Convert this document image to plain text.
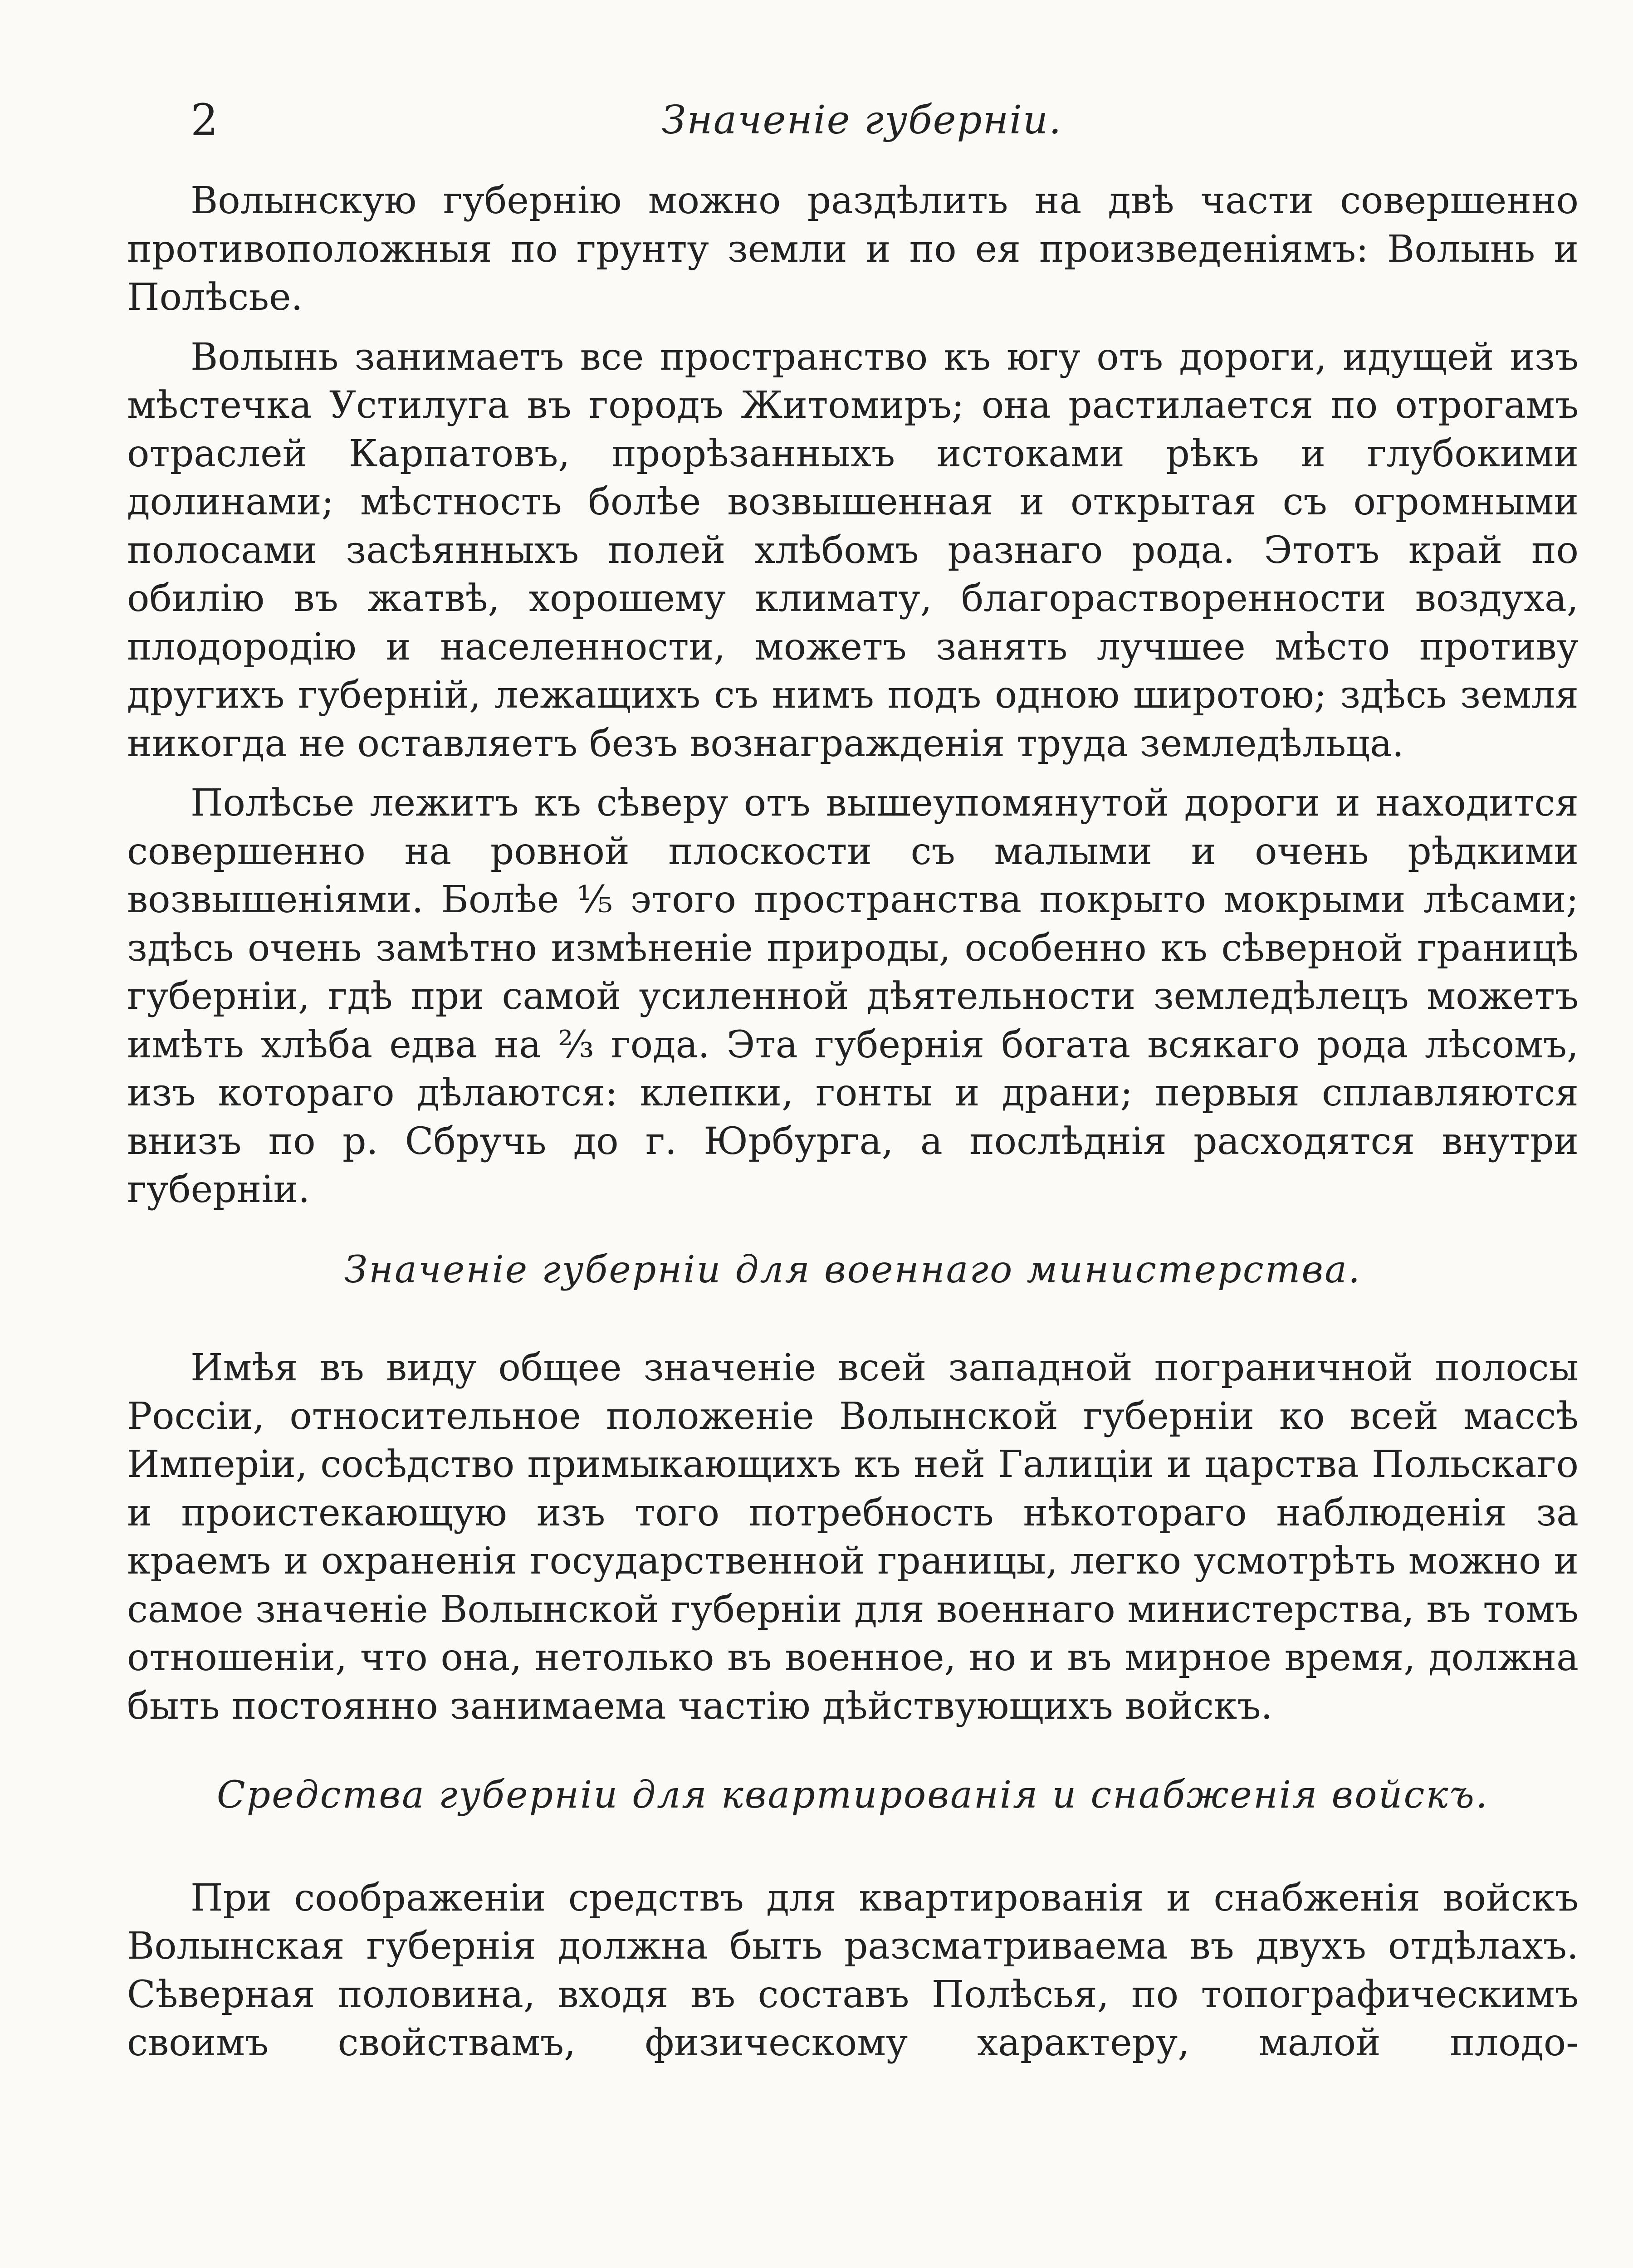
2	Значеніе губерніи.

Волынскую губернію можно раздѣлить на двѣ части совершенно противоположныя по грунту земли и по ея произведеніямъ: Волынь и Полѣсье.

Волынь занимаетъ все пространство къ югу отъ дороги, идущей изъ мѣстечка Устилуга въ городъ Житомиръ; она растилается по отрогамъ отраслей Карпатовъ, прорѣзанныхъ истоками рѣкъ и глубокими долинами; мѣстность болѣе возвышенная и открытая съ огромными полосами засѣянныхъ полей хлѣбомъ разнаго рода. Этотъ край по обилію въ жатвѣ, хорошему климату, благорастворенности воздуха, плодородію и населенности, можетъ занять лучшее мѣсто противу другихъ губерній, лежащихъ съ нимъ подъ одною широтою; здѣсь земля никогда не оставляетъ безъ вознагражденія труда земледѣльца.

Полѣсье лежитъ къ сѣверу отъ вышеупомянутой дороги и находится совершенно на ровной плоскости съ малыми и очень рѣдкими возвышеніями. Болѣе ¹⁄₅ этого пространства покрыто мокрыми лѣсами; здѣсь очень замѣтно измѣненіе природы, особенно къ сѣверной границѣ губерніи, гдѣ при самой усиленной дѣятельности земледѣлецъ можетъ имѣть хлѣба едва на ²⁄₃ года. Эта губернія богата всякаго рода лѣсомъ, изъ котораго дѣлаются: клепки, гонты и драни; первыя сплавляются внизъ по р. Сбручь до г. Юрбурга, а послѣднія расходятся внутри губерніи.

Значеніе губерніи для военнаго министерства.

Имѣя въ виду общее значеніе всей западной пограничной полосы Россіи, относительное положеніе Волынской губерніи ко всей массѣ Имперіи, сосѣдство примыкающихъ къ ней Галиціи и царства Польскаго и проистекающую изъ того потребность нѣкотораго наблюденія за краемъ и охраненія государственной границы, легко усмотрѣть можно и самое значеніе Волынской губерніи для военнаго министерства, въ томъ отношеніи, что она, нетолько въ военное, но и въ мирное время, должна быть постоянно занимаема частію дѣйствующихъ войскъ.

Средства губерніи для квартированія и снабженія войскъ.

При соображеніи средствъ для квартированія и снабженія войскъ Волынская губернія должна быть разсматриваема въ двухъ отдѣлахъ. Сѣверная половина, входя въ составъ Полѣсья, по топографическимъ своимъ свойствамъ, физическому характеру, малой плодо-
